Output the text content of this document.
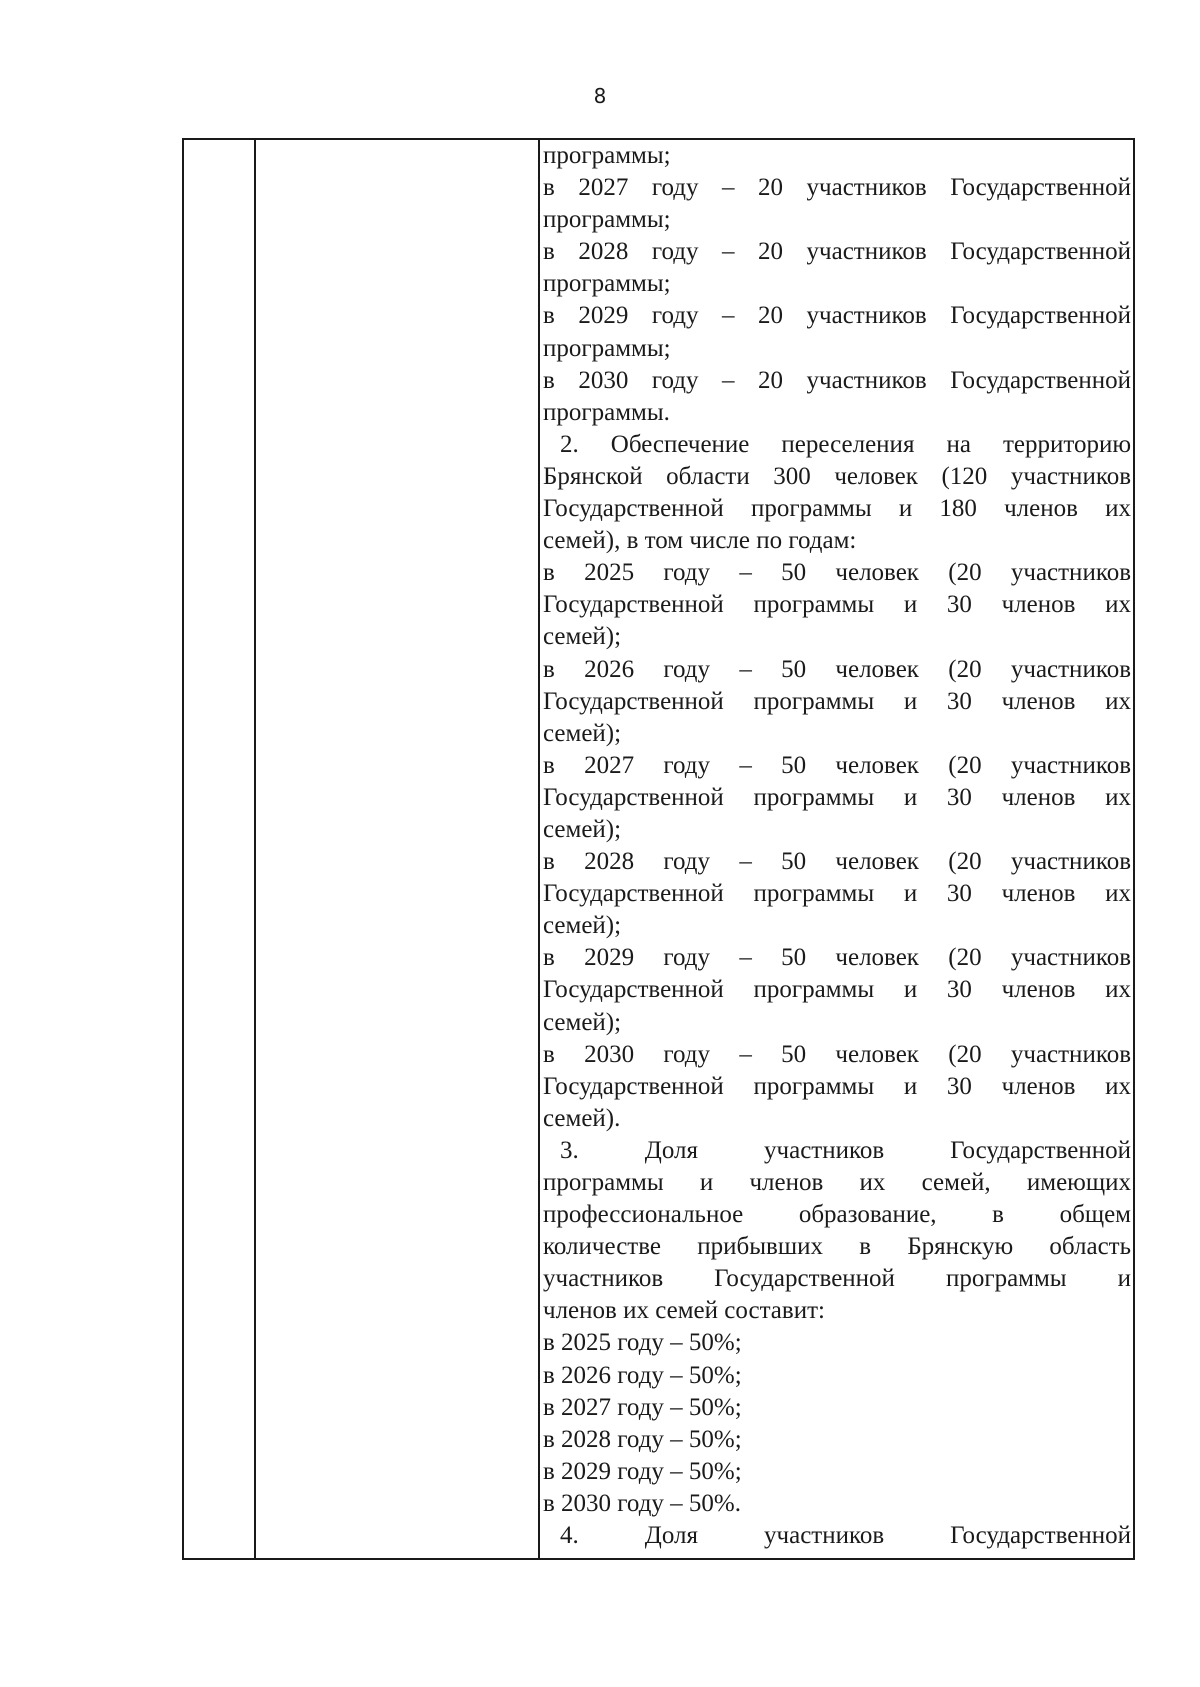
8
программы;
в 2027 году – 20 участников Государственной
программы;
в 2028 году – 20 участников Государственной
программы;
в 2029 году – 20 участников Государственной
программы;
в 2030 году – 20 участников Государственной
программы.
2. Обеспечение переселения на территорию
Брянской области 300 человек (120 участников
Государственной программы и 180 членов их
семей), в том числе по годам:
в 2025 году – 50 человек (20 участников
Государственной программы и 30 членов их
семей);
в 2026 году – 50 человек (20 участников
Государственной программы и 30 членов их
семей);
в 2027 году – 50 человек (20 участников
Государственной программы и 30 членов их
семей);
в 2028 году – 50 человек (20 участников
Государственной программы и 30 членов их
семей);
в 2029 году – 50 человек (20 участников
Государственной программы и 30 членов их
семей);
в 2030 году – 50 человек (20 участников
Государственной программы и 30 членов их
семей).
3. Доля участников Государственной
программы и членов их семей, имеющих
профессиональное образование, в общем
количестве прибывших в Брянскую область
участников Государственной программы и
членов их семей составит:
в 2025 году – 50%;
в 2026 году – 50%;
в 2027 году – 50%;
в 2028 году – 50%;
в 2029 году – 50%;
в 2030 году – 50%.
4. Доля участников Государственной
